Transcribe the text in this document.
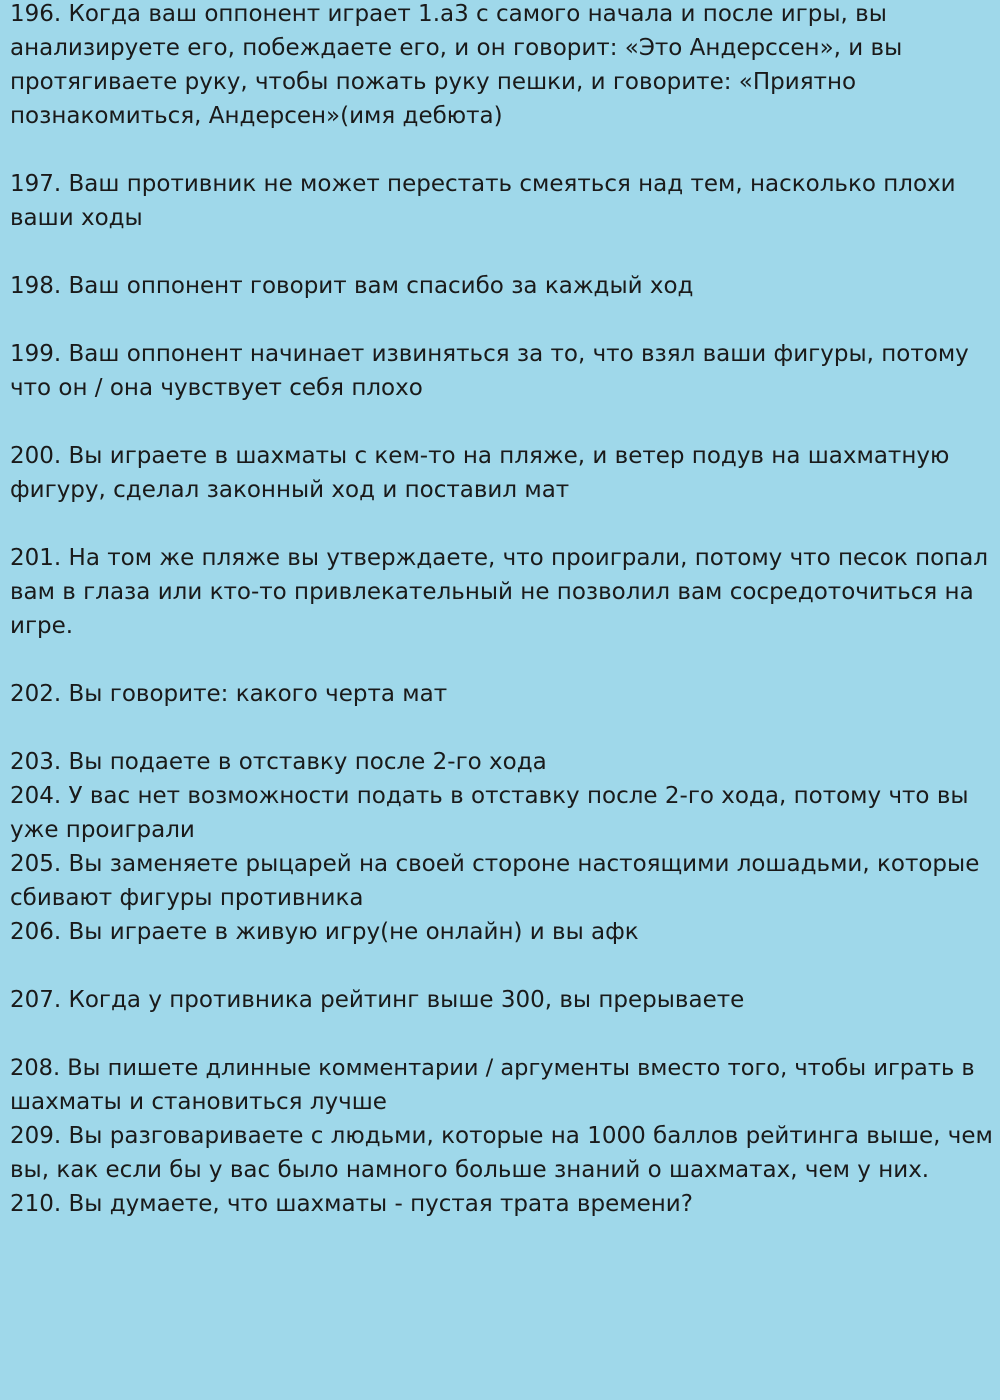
196. Когда ваш оппонент играет 1.а3 с самого начала и после игры, вы
анализируете его, побеждаете его, и он говорит: «Это Андерссен», и вы
протягиваете руку, чтобы пожать руку пешки, и говорите: «Приятно
познакомиться, Андерсен»(имя дебюта)
197. Ваш противник не может перестать смеяться над тем, насколько плохи
ваши ходы
198. Ваш оппонент говорит вам спасибо за каждый ход
199. Ваш оппонент начинает извиняться за то, что взял ваши фигуры, потому
что он / она чувствует себя плохо
200. Вы играете в шахматы с кем-то на пляже, и ветер подув на шахматную
фигуру, сделал законный ход и поставил мат
201. На том же пляже вы утверждаете, что проиграли, потому что песок попал
вам в глаза или кто-то привлекательный не позволил вам сосредоточиться на
игре.
202. Вы говорите: какого черта мат
203. Вы подаете в отставку после 2-го хода
204. У вас нет возможности подать в отставку после 2-го хода, потому что вы
уже проиграли
205. Вы заменяете рыцарей на своей стороне настоящими лошадьми, которые
сбивают фигуры противника
206. Вы играете в живую игру(не онлайн) и вы афк
207. Когда у противника рейтинг выше 300, вы прерываете
208. Вы пишете длинные комментарии / аргументы вместо того, чтобы играть в
шахматы и становиться лучше
209. Вы разговариваете с людьми, которые на 1000 баллов рейтинга выше, чем
вы, как если бы у вас было намного больше знаний о шахматах, чем у них.
210. Вы думаете, что шахматы - пустая трата времени?
